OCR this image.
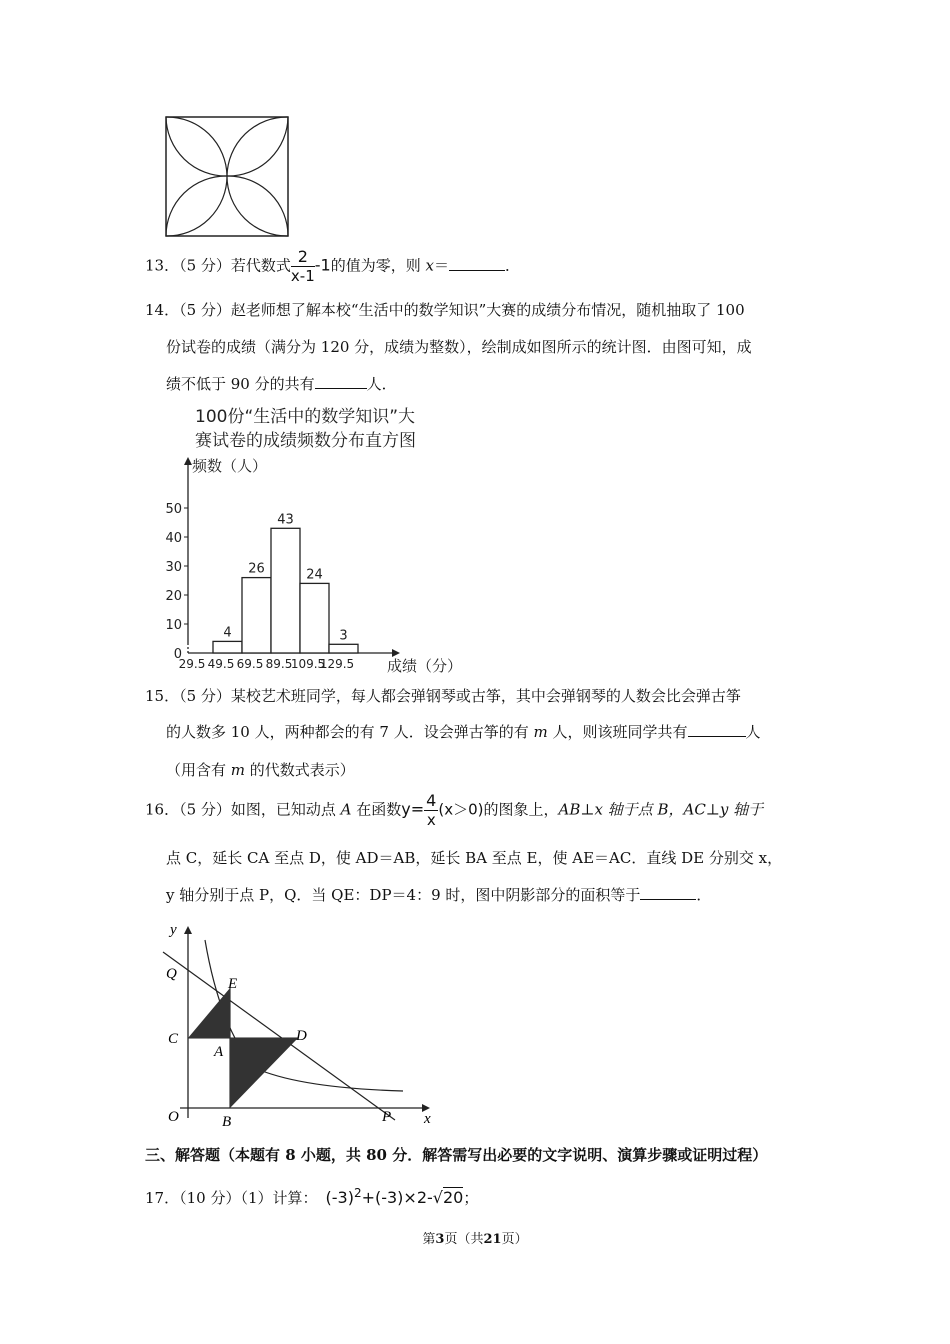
13．（5 分）若代数式 $\frac{2}{x-1} -1$的值为零，则 x＝	．
14．（5 分）赵老师想了解本校“生活中的数学知识”大赛的成绩分布情况，随机抽取了 100
份试卷的成绩（满分为 120 分，成绩为整数），绘制成如图所示的统计图．由图可知，成
绩不低于 90 分的共有	人．
100份“生活中的数学知识”大
赛试卷的成绩频数分布直方图
频数（人）
成绩（分）
0
10
20
30
40
50
4
26
43
24
3
29.5 49.5 69.5 89.5
109.5
129.5
15．（5 分）某校艺术班同学，每人都会弹钢琴或古筝，其中会弹钢琴的人数会比会弹古筝
的人数多 10 人，两种都会的有 7 人．设会弹古筝的有 m 人，则该班同学共有	人
（用含有 m 的代数式表示）
16．（5 分）如图，已知动点 A 在函数$y= \frac{4}{x} (x>0)$的图象上，AB⊥x 轴于点 B，AC⊥y 轴于
点 C，延长 CA 至点 D，使 AD＝AB，延长 BA 至点 E，使 AE＝AC．直线 DE 分别交 x，
y 轴分别于点 P，Q．当 QE：DP＝4：9 时，图中阴影部分的面积等于	．
y
x
O
Q
E
C
A
D
B	P
三、解答题（本题有 8 小题，共 80 分．解答需写出必要的文字说明、演算步骤或证明过程）
17．（10 分）（1）计算： $(-3)^2+(-3)\times 2-√20$；
第3页（共21页）
